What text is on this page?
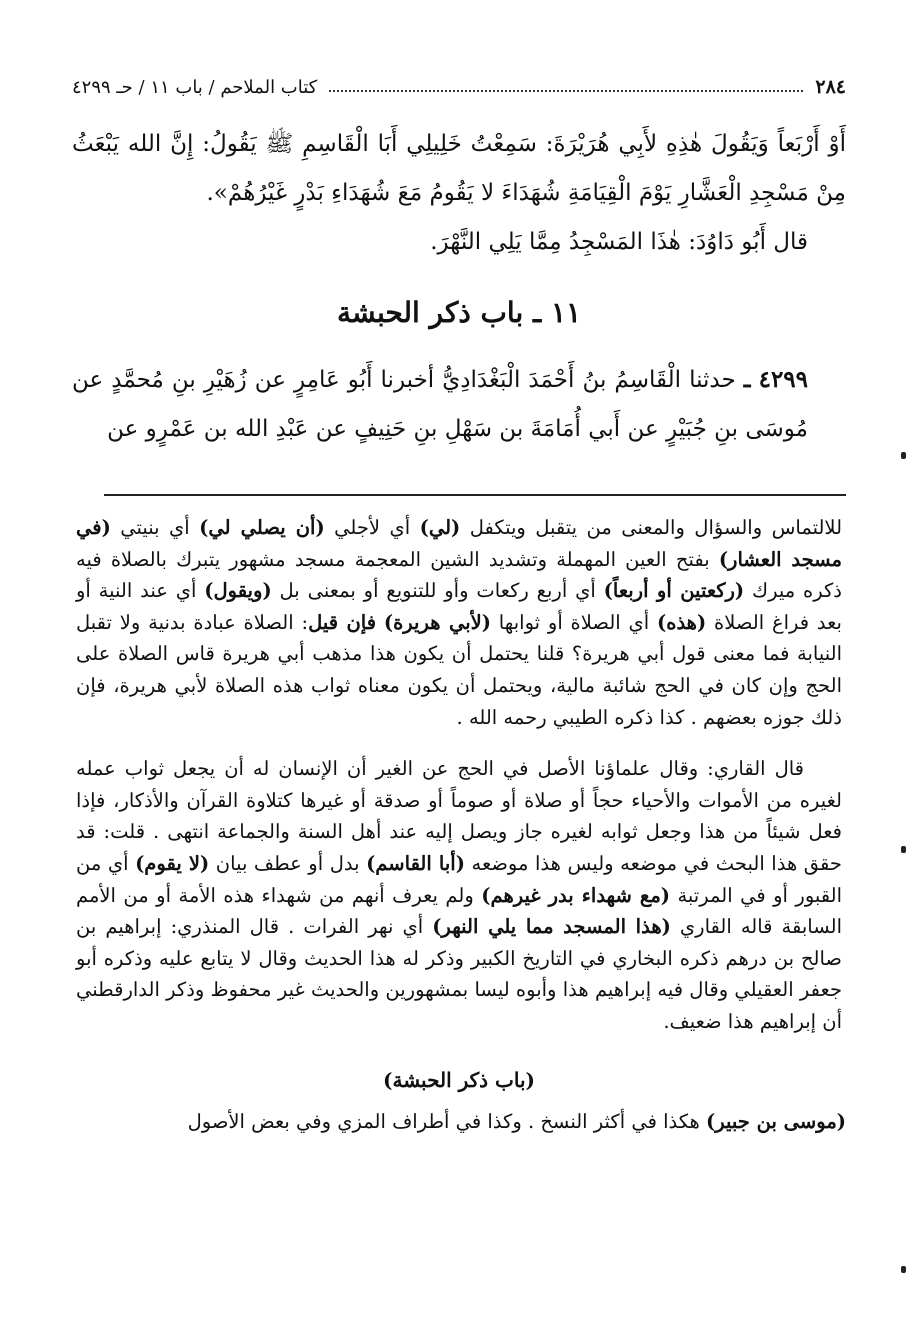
٢٨٤
كتاب الملاحم / باب ١١ / حـ ٤٢٩٩

أَوْ أَرْبَعاً وَيَقُولَ هٰذِهِ لأَبِي هُرَيْرَةَ: سَمِعْتُ خَلِيلِي أَبَا الْقَاسِمِ ﷺ يَقُولُ: إِنَّ الله يَبْعَثُ مِنْ مَسْجِدِ الْعَشَّارِ يَوْمَ الْقِيَامَةِ شُهَدَاءَ لا يَقُومُ مَعَ شُهَدَاءِ بَدْرٍ غَيْرُهُمْ».

قال أَبُو دَاوُدَ: هٰذَا المَسْجِدُ مِمَّا يَلِي النَّهْرَ.

١١ ـ باب ذكر الحبشة
٤٢٩٩ ـ حدثنا الْقَاسِمُ بنُ أَحْمَدَ الْبَغْدَادِيُّ أخبرنا أَبُو عَامِرٍ عن زُهَيْرِ بنِ مُحمَّدٍ عن مُوسَى بنِ جُبَيْرٍ عن أَبي أُمَامَةَ بن سَهْلِ بنِ حَنِيفٍ عن عَبْدِ الله بن عَمْرٍو عن

للالتماس والسؤال والمعنى من يتقبل ويتكفل (لي) أي لأجلي (أن يصلي لي) أي بنيتي (في مسجد العشار) بفتح العين المهملة وتشديد الشين المعجمة مسجد مشهور يتبرك بالصلاة فيه ذكره ميرك (ركعتين أو أربعاً) أي أربع ركعات وأو للتنويع أو بمعنى بل (ويقول) أي عند النية أو بعد فراغ الصلاة (هذه) أي الصلاة أو ثوابها (لأبي هريرة) فإن قيل: الصلاة عبادة بدنية ولا تقبل النيابة فما معنى قول أبي هريرة؟ قلنا يحتمل أن يكون هذا مذهب أبي هريرة قاس الصلاة على الحج وإن كان في الحج شائبة مالية، ويحتمل أن يكون معناه ثواب هذه الصلاة لأبي هريرة، فإن ذلك جوزه بعضهم . كذا ذكره الطيبي رحمه الله .

قال القاري: وقال علماؤنا الأصل في الحج عن الغير أن الإنسان له أن يجعل ثواب عمله لغيره من الأموات والأحياء حجاً أو صلاة أو صوماً أو صدقة أو غيرها كتلاوة القرآن والأذكار، فإذا فعل شيئاً من هذا وجعل ثوابه لغيره جاز ويصل إليه عند أهل السنة والجماعة انتهى . قلت: قد حقق هذا البحث في موضعه وليس هذا موضعه (أبا القاسم) بدل أو عطف بيان (لا يقوم) أي من القبور أو في المرتبة (مع شهداء بدر غيرهم) ولم يعرف أنهم من شهداء هذه الأمة أو من الأمم السابقة قاله القاري (هذا المسجد مما يلي النهر) أي نهر الفرات . قال المنذري: إبراهيم بن صالح بن درهم ذكره البخاري في التاريخ الكبير وذكر له هذا الحديث وقال لا يتابع عليه وذكره أبو جعفر العقيلي وقال فيه إبراهيم هذا وأبوه ليسا بمشهورين والحديث غير محفوظ وذكر الدارقطني أن إبراهيم هذا ضعيف.

(باب ذكر الحبشة)
(موسى بن جبير) هكذا في أكثر النسخ . وكذا في أطراف المزي وفي بعض الأصول
